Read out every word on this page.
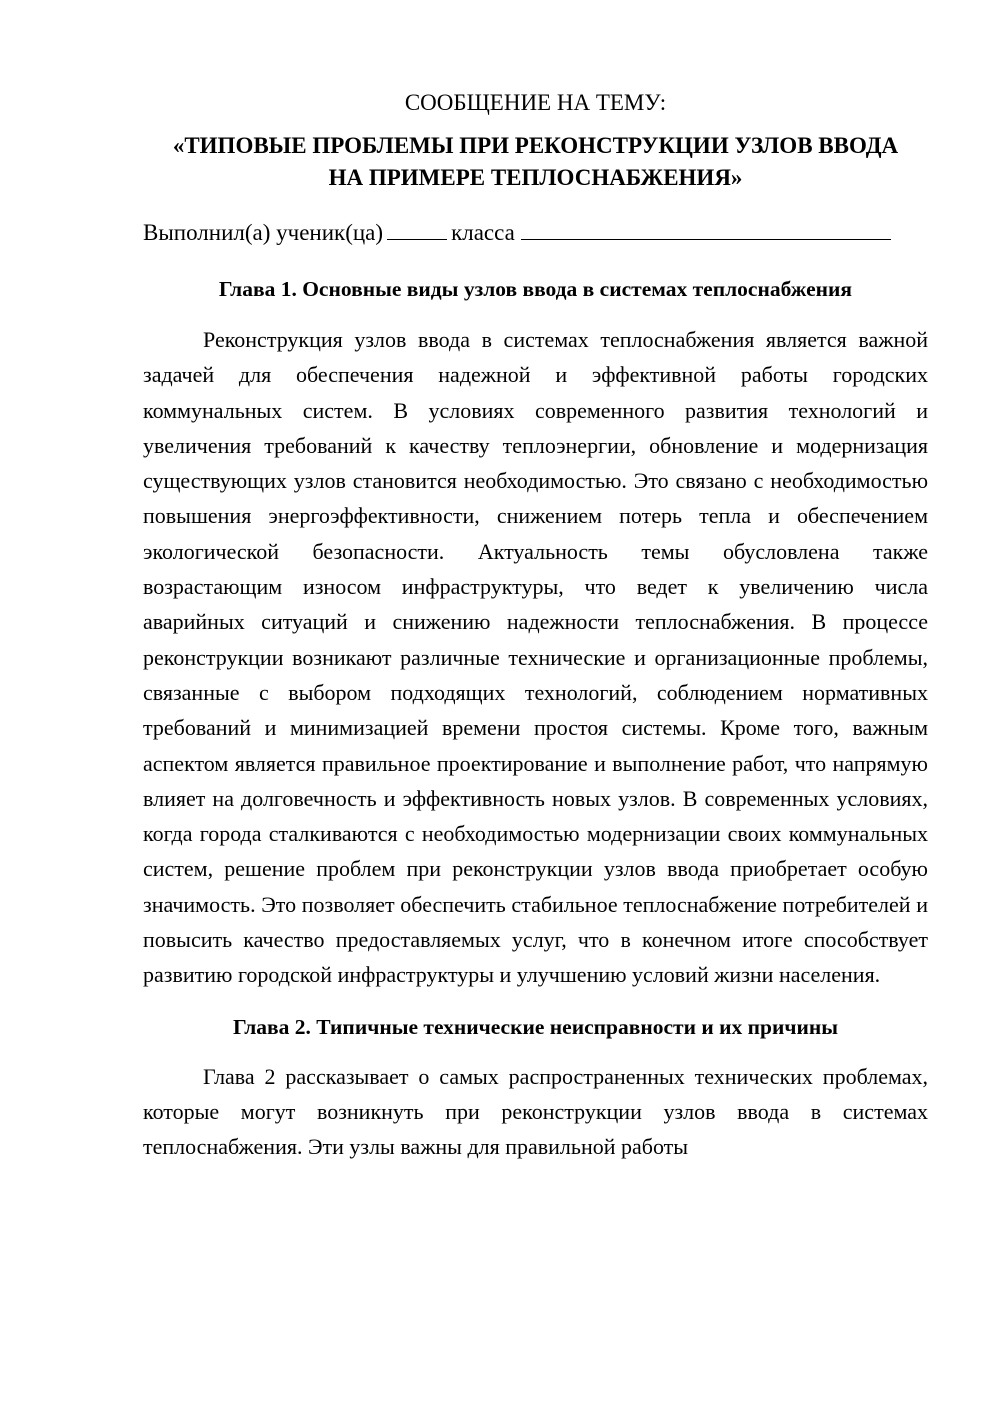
СООБЩЕНИЕ НА ТЕМУ:

«ТИПОВЫЕ ПРОБЛЕМЫ ПРИ РЕКОНСТРУКЦИИ УЗЛОВ ВВОДА
НА ПРИМЕРЕ ТЕПЛОСНАБЖЕНИЯ»

Выполнил(а) ученик(ца)	класса

Глава 1. Основные виды узлов ввода в системах теплоснабжения

Реконструкция узлов ввода в системах теплоснабжения является важной задачей для обеспечения надежной и эффективной работы городских коммунальных систем. В условиях современного развития технологий и увеличения требований к качеству теплоэнергии, обновление и модернизация существующих узлов становится необходимостью. Это связано с необходимостью повышения энергоэффективности, снижением потерь тепла и обеспечением экологической безопасности. Актуальность темы обусловлена также возрастающим износом инфраструктуры, что ведет к увеличению числа аварийных ситуаций и снижению надежности теплоснабжения. В процессе реконструкции возникают различные технические и организационные проблемы, связанные с выбором подходящих технологий, соблюдением нормативных требований и минимизацией времени простоя системы. Кроме того, важным аспектом является правильное проектирование и выполнение работ, что напрямую влияет на долговечность и эффективность новых узлов. В современных условиях, когда города сталкиваются с необходимостью модернизации своих коммунальных систем, решение проблем при реконструкции узлов ввода приобретает особую значимость. Это позволяет обеспечить стабильное теплоснабжение потребителей и повысить качество предоставляемых услуг, что в конечном итоге способствует развитию городской инфраструктуры и улучшению условий жизни населения.

Глава 2. Типичные технические неисправности и их причины

Глава 2 рассказывает о самых распространенных технических проблемах, которые могут возникнуть при реконструкции узлов ввода в системах теплоснабжения. Эти узлы важны для правильной работы
